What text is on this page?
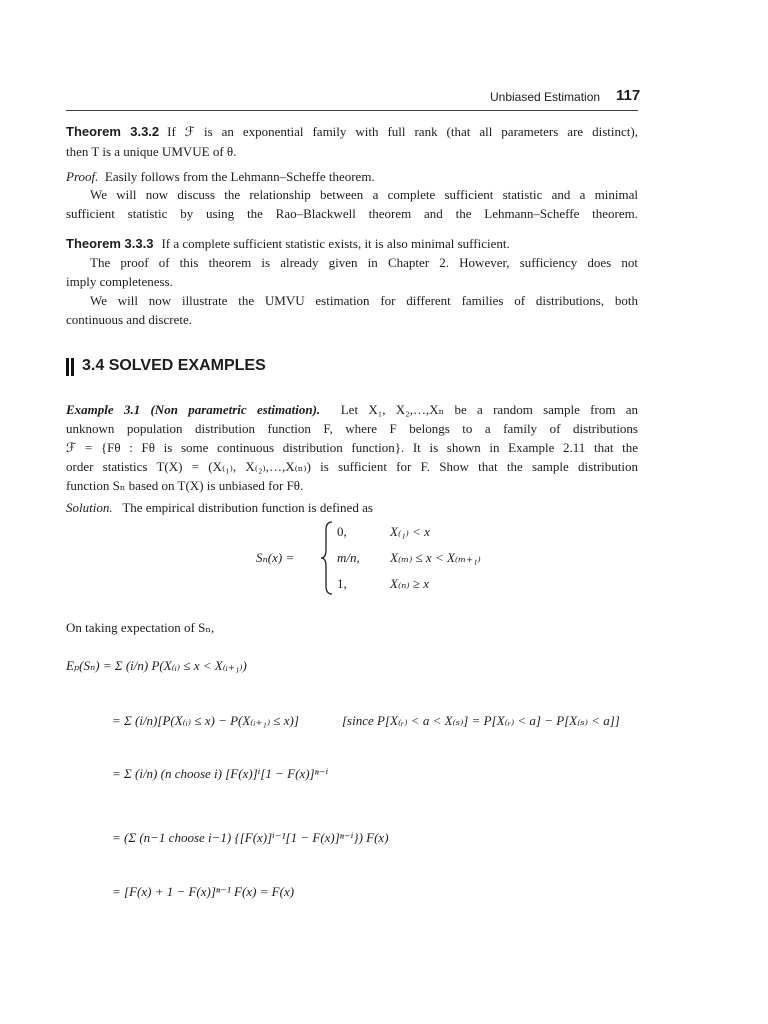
Unbiased Estimation 117
Theorem 3.3.2 If ℱ is an exponential family with full rank (that all parameters are distinct),
then T is a unique UMVUE of θ.
Proof. Easily follows from the Lehmann–Scheffe theorem.
We will now discuss the relationship between a complete sufficient statistic and a minimal
sufficient statistic by using the Rao–Blackwell theorem and the Lehmann–Scheffe theorem.
Theorem 3.3.3 If a complete sufficient statistic exists, it is also minimal sufficient.
The proof of this theorem is already given in Chapter 2. However, sufficiency does not
imply completeness.
We will now illustrate the UMVU estimation for different families of distributions, both
continuous and discrete.
3.4 SOLVED EXAMPLES
Example 3.1 (Non parametric estimation). Let X₁, X₂,…,Xₙ be a random sample from an
unknown population distribution function F, where F belongs to a family of distributions
ℱ = {Fθ : Fθ is some continuous distribution function}. It is shown in Example 2.11 that the
order statistics T(X) = (X₍₁₎, X₍₂₎,…,X₍ₙ₎) is sufficient for F. Show that the sample distribution
function Sₙ based on T(X) is unbiased for Fθ.
Solution. The empirical distribution function is defined as
Sₙ(x) =
0,	X₍₁₎ < x
m/n, X₍ₘ₎ ≤ x < X₍ₘ₊₁₎
1,	X₍ₙ₎ ≥ x
On taking expectation of Sₙ,
Eₚ(Sₙ) = Σ (i/n) P(X₍ᵢ₎ ≤ x < X₍ᵢ₊₁₎)
= Σ (i/n)[P(X₍ᵢ₎ ≤ x) − P(X₍ᵢ₊₁₎ ≤ x)]	[since P[X₍ᵣ₎ < a < X₍ₛ₎] = P[X₍ᵣ₎ < a] − P[X₍ₛ₎ < a]]
= Σ (i/n) (n choose i) [F(x)]ⁱ[1 − F(x)]ⁿ⁻ⁱ
= (Σ (n−1 choose i−1) {[F(x)]ⁱ⁻¹[1 − F(x)]ⁿ⁻ⁱ}) F(x)
= [F(x) + 1 − F(x)]ⁿ⁻¹ F(x) = F(x)
